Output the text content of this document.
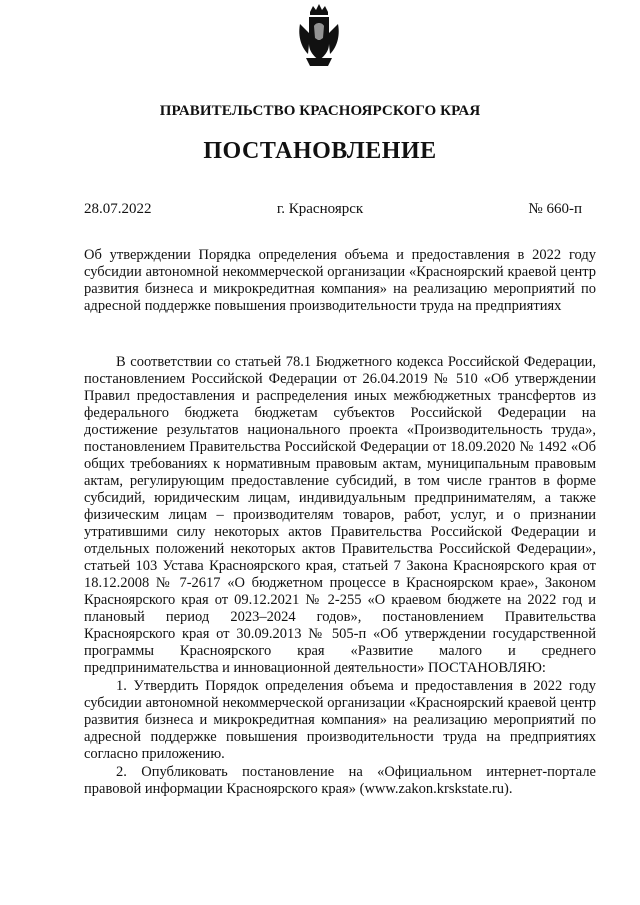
ПРАВИТЕЛЬСТВО КРАСНОЯРСКОГО КРАЯ
ПОСТАНОВЛЕНИЕ
г. Красноярск
28.07.2022	№ 660-п
Об утверждении Порядка определения объема и предоставления в 2022 году субсидии автономной некоммерческой организации «Красноярский краевой центр развития бизнеса и микрокредитная компания» на реализацию мероприятий по адресной поддержке повышения производительности труда на предприятиях

В соответствии со статьей 78.1 Бюджетного кодекса Российской Федерации, постановлением Российской Федерации от 26.04.2019 № 510 «Об утверждении Правил предоставления и распределения иных межбюджетных трансфертов из федерального бюджета бюджетам субъектов Российской Федерации на достижение результатов национального проекта «Производительность труда», постановлением Правительства Российской Федерации от 18.09.2020 № 1492 «Об общих требованиях к нормативным правовым актам, муниципальным правовым актам, регулирующим предоставление субсидий, в том числе грантов в форме субсидий, юридическим лицам, индивидуальным предпринимателям, а также физическим лицам – производителям товаров, работ, услуг, и о признании утратившими силу некоторых актов Правительства Российской Федерации и отдельных положений некоторых актов Правительства Российской Федерации», статьей 103 Устава Красноярского края, статьей 7 Закона Красноярского края от 18.12.2008 № 7-2617 «О бюджетном процессе в Красноярском крае», Законом Красноярского края от 09.12.2021 № 2-255 «О краевом бюджете на 2022 год и плановый период 2023–2024 годов», постановлением Правительства Красноярского края от 30.09.2013 № 505-п «Об утверждении государственной программы Красноярского края «Развитие малого и среднего предпринимательства и инновационной деятельности» ПОСТАНОВЛЯЮ:

1. Утвердить Порядок определения объема и предоставления в 2022 году субсидии автономной некоммерческой организации «Красноярский краевой центр развития бизнеса и микрокредитная компания» на реализацию мероприятий по адресной поддержке повышения производительности труда на предприятиях согласно приложению.

2. Опубликовать постановление на «Официальном интернет-портале правовой информации Красноярского края» (www.zakon.krskstate.ru).
